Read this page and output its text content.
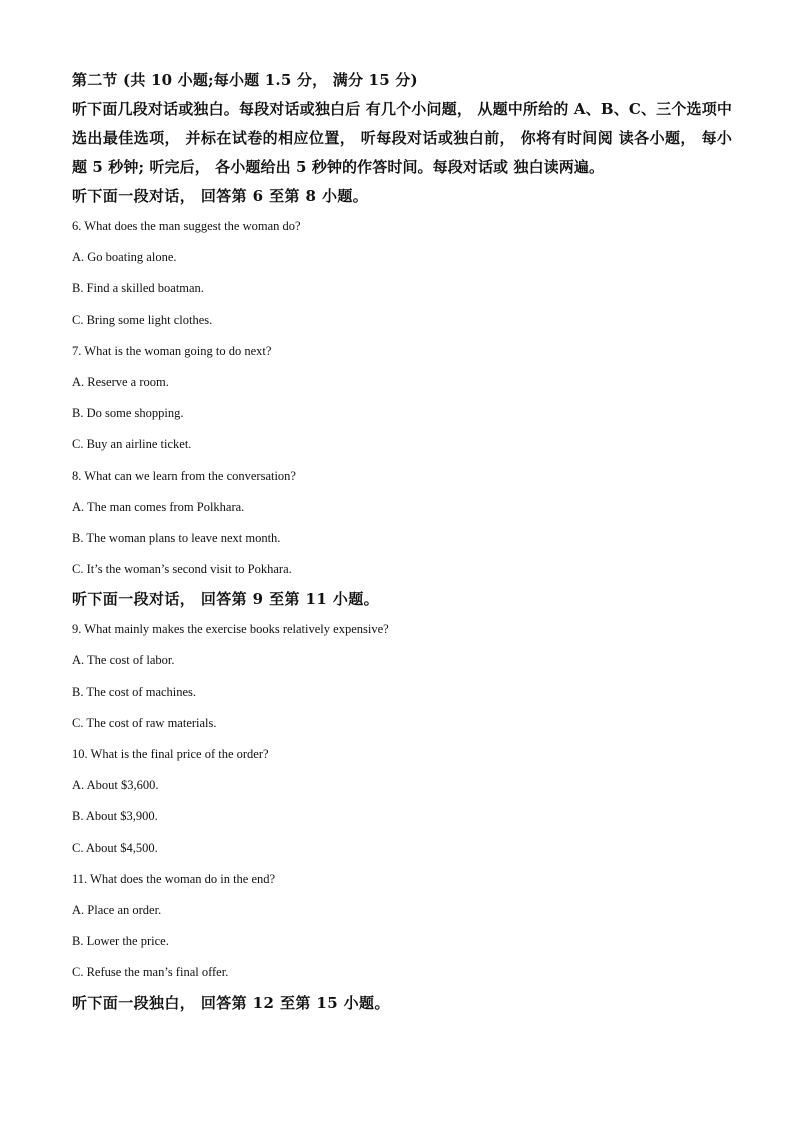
第二节 (共 10 小题;每小题 1.5 分， 满分 15 分)

听下面几段对话或独白。每段对话或独白后 有几个小问题， 从题中所给的 A、B、C、三个选项中选出最佳选项， 并标在试卷的相应位置， 听每段对话或独白前， 你将有时间阅 读各小题， 每小题 5 秒钟; 听完后， 各小题给出 5 秒钟的作答时间。每段对话或 独白读两遍。

听下面一段对话， 回答第 6 至第 8 小题。

6. What does the man suggest the woman do?

A. Go boating alone.

B. Find a skilled boatman.

C. Bring some light clothes.

7. What is the woman going to do next?

A. Reserve a room.

B. Do some shopping.

C. Buy an airline ticket.

8. What can we learn from the conversation?

A. The man comes from Polkhara.

B. The woman plans to leave next month.

C. It’s the woman’s second visit to Pokhara.

听下面一段对话， 回答第 9 至第 11 小题。

9. What mainly makes the exercise books relatively expensive?

A. The cost of labor.

B. The cost of machines.

C. The cost of raw materials.

10. What is the final price of the order?

A. About $3,600.

B. About $3,900.

C. About $4,500.

11. What does the woman do in the end?

A. Place an order.

B. Lower the price.

C. Refuse the man’s final offer.

听下面一段独白， 回答第 12 至第 15 小题。
